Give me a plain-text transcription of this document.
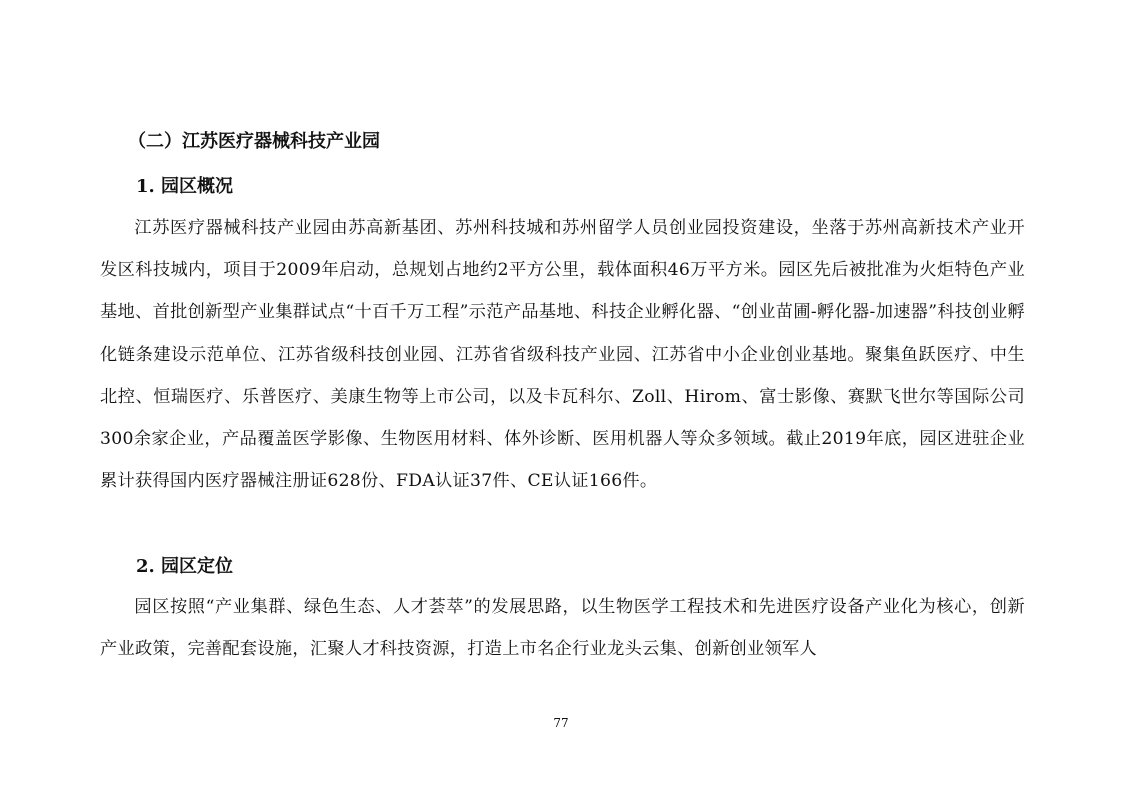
（二）江苏医疗器械科技产业园
1. 园区概况
江苏医疗器械科技产业园由苏高新基团、苏州科技城和苏州留学人员创业园投资建设，坐落于苏州高新技术产业开发区科技城内，项目于2009年启动，总规划占地约2平方公里，载体面积46万平方米。园区先后被批准为火炬特色产业基地、首批创新型产业集群试点“十百千万工程”示范产品基地、科技企业孵化器、“创业苗圃-孵化器-加速器”科技创业孵化链条建设示范单位、江苏省级科技创业园、江苏省省级科技产业园、江苏省中小企业创业基地。聚集鱼跃医疗、中生北控、恒瑞医疗、乐普医疗、美康生物等上市公司，以及卡瓦科尔、Zoll、Hirom、富士影像、赛默飞世尔等国际公司300余家企业，产品覆盖医学影像、生物医用材料、体外诊断、医用机器人等众多领域。截止2019年底，园区进驻企业累计获得国内医疗器械注册证628份、FDA认证37件、CE认证166件。
2. 园区定位
园区按照“产业集群、绿色生态、人才荟萃”的发展思路，以生物医学工程技术和先进医疗设备产业化为核心，创新产业政策，完善配套设施，汇聚人才科技资源，打造上市名企行业龙头云集、创新创业领军人
77
